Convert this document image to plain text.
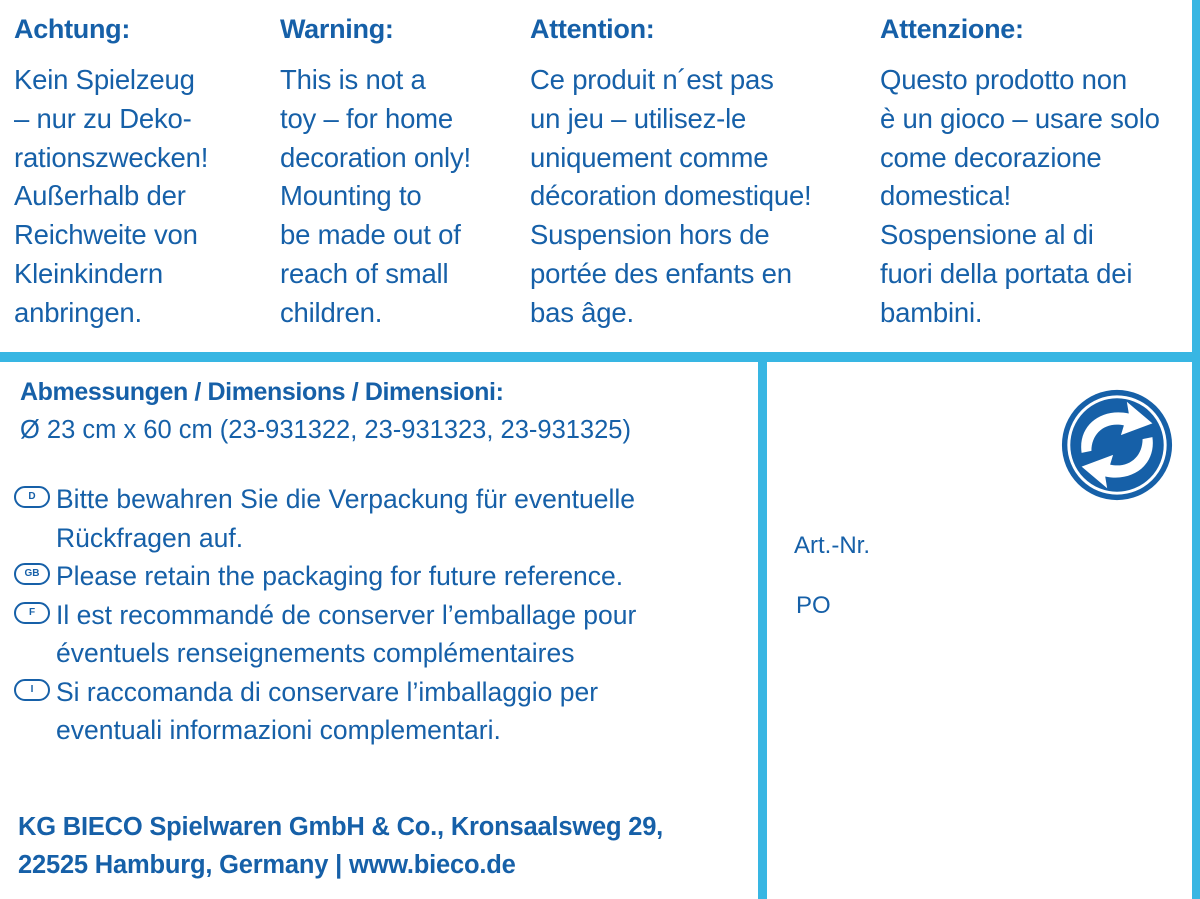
Achtung:

Kein Spielzeug

– nur zu Deko-

rationszwecken!

Außerhalb der

Reichweite von

Kleinkindern

anbringen.

Warning:

This is not a

toy – for home

decoration only!

Mounting to

be made out of

reach of small

children.

Attention:

Ce produit n´est pas

un jeu – utilisez-le

uniquement comme

décoration domestique!

Suspension hors de

portée des enfants en

bas âge.

Attenzione:

Questo prodotto non

è un gioco – usare solo

come decorazione

domestica!

Sospensione al di

fuori della portata dei

bambini.

Abmessungen / Dimensions / Dimensioni:
Ø 23 cm x 60 cm (23-931322, 23-931323, 23-931325)
D Bitte bewahren Sie die Verpackung für eventuelle
Rückfragen auf.
GB Please retain the packaging for future reference.
F Il est recommandé de conserver l’emballage pour
éventuels renseignements complémentaires
I Si raccomanda di conservare l’imballaggio per
eventuali informazioni complementari.
KG BIECO Spielwaren GmbH & Co., Kronsaalsweg 29,
22525 Hamburg, Germany | www.bieco.de
Art.-Nr.
PO
